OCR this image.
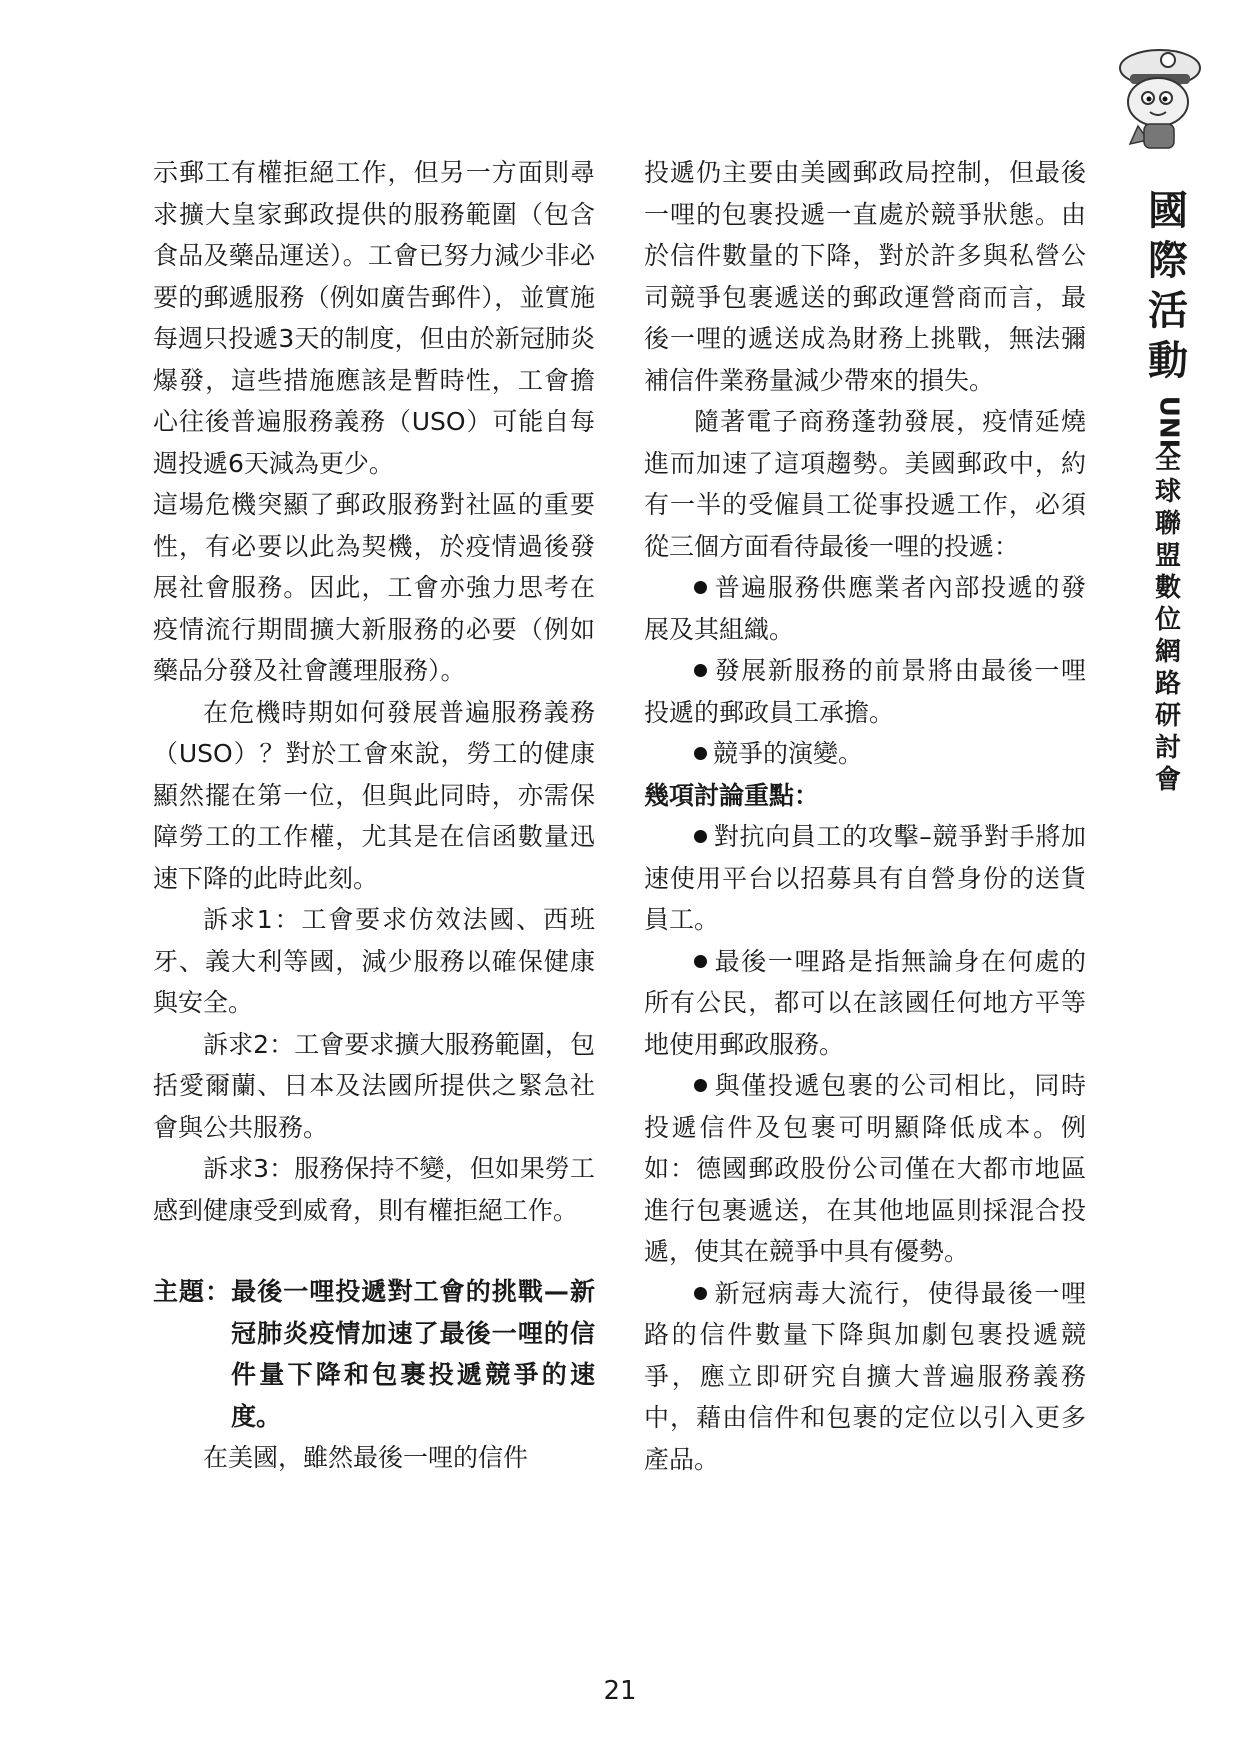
國
際
活
動
UNI
全
球
聯
盟
數
位
網
路
研
討
會

示郵工有權拒絕工作，但另一方面則尋求擴大皇家郵政提供的服務範圍（包含食品及藥品運送）。工會已努力減少非必要的郵遞服務（例如廣告郵件），並實施每週只投遞3天的制度，但由於新冠肺炎爆發，這些措施應該是暫時性，工會擔心往後普遍服務義務（USO）可能自每週投遞6天減為更少。

這場危機突顯了郵政服務對社區的重要性，有必要以此為契機，於疫情過後發展社會服務。因此，工會亦強力思考在疫情流行期間擴大新服務的必要（例如藥品分發及社會護理服務）。

在危機時期如何發展普遍服務義務（USO）？對於工會來說，勞工的健康顯然擺在第一位，但與此同時，亦需保障勞工的工作權，尤其是在信函數量迅速下降的此時此刻。

訴求1：工會要求仿效法國、西班牙、義大利等國，減少服務以確保健康與安全。

訴求2：工會要求擴大服務範圍，包括愛爾蘭、日本及法國所提供之緊急社會與公共服務。

訴求3：服務保持不變，但如果勞工感到健康受到威脅，則有權拒絕工作。

主題：最後一哩投遞對工會的挑戰—新冠肺炎疫情加速了最後一哩的信件量下降和包裹投遞競爭的速度。

在美國，雖然最後一哩的信件

投遞仍主要由美國郵政局控制，但最後一哩的包裹投遞一直處於競爭狀態。由於信件數量的下降，對於許多與私營公司競爭包裹遞送的郵政運營商而言，最後一哩的遞送成為財務上挑戰，無法彌補信件業務量減少帶來的損失。

隨著電子商務蓬勃發展，疫情延燒進而加速了這項趨勢。美國郵政中，約有一半的受僱員工從事投遞工作，必須從三個方面看待最後一哩的投遞：

普遍服務供應業者內部投遞的發展及其組織。

發展新服務的前景將由最後一哩投遞的郵政員工承擔。

競爭的演變。

幾項討論重點：

對抗向員工的攻擊–競爭對手將加速使用平台以招募具有自營身份的送貨員工。

最後一哩路是指無論身在何處的所有公民，都可以在該國任何地方平等地使用郵政服務。

與僅投遞包裹的公司相比，同時投遞信件及包裹可明顯降低成本。例如：德國郵政股份公司僅在大都市地區進行包裹遞送，在其他地區則採混合投遞，使其在競爭中具有優勢。

新冠病毒大流行，使得最後一哩路的信件數量下降與加劇包裹投遞競爭，應立即研究自擴大普遍服務義務中，藉由信件和包裹的定位以引入更多產品。

21
